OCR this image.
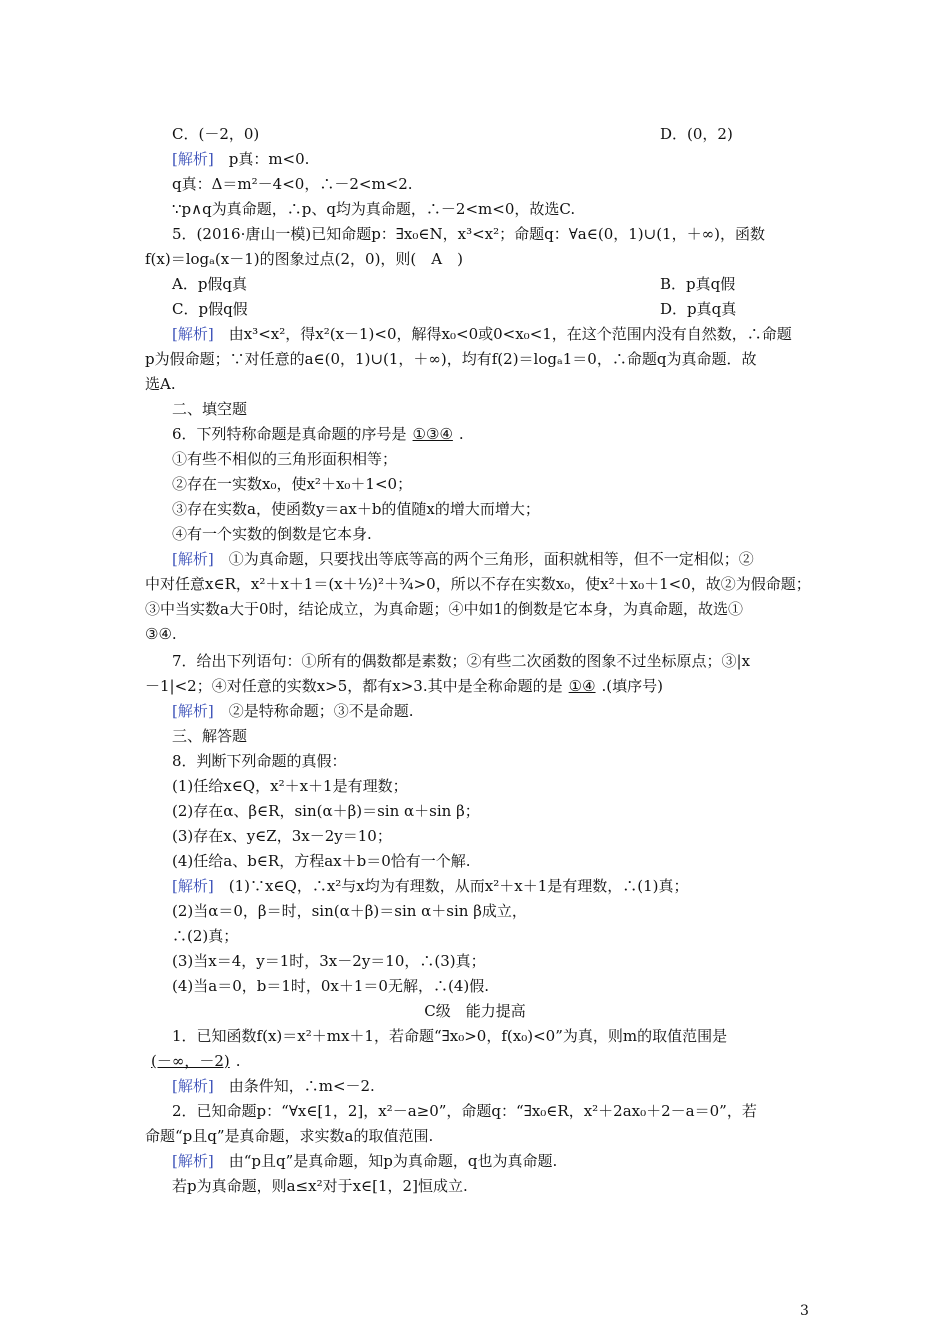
C．(－2，0)	D．(0，2)
[解析]　p真：m<0.
q真：Δ＝m²－4<0，∴－2<m<2.
∵p∧q为真命题，∴p、q均为真命题，∴－2<m<0，故选C.
5．(2016·唐山一模)已知命题p：∃x₀∈N，x³<x²；命题q：∀a∈(0，1)∪(1，＋∞)，函数
f(x)＝logₐ(x－1)的图象过点(2，0)，则(　A　)
A．p假q真	B．p真q假
C．p假q假	D．p真q真
[解析]　由x³<x²，得x²(x－1)<0，解得x₀<0或0<x₀<1，在这个范围内没有自然数，∴命题
p为假命题；∵对任意的a∈(0，1)∪(1，＋∞)，均有f(2)＝logₐ1＝0，∴命题q为真命题．故
选A.
二、填空题
6．下列特称命题是真命题的序号是 ①③④ .
①有些不相似的三角形面积相等；
②存在一实数x₀，使x²＋x₀＋1<0；
③存在实数a，使函数y＝ax＋b的值随x的增大而增大；
④有一个实数的倒数是它本身.
[解析]　①为真命题，只要找出等底等高的两个三角形，面积就相等，但不一定相似；②
中对任意x∈R，x²＋x＋1＝(x＋½)²＋¾>0，所以不存在实数x₀，使x²＋x₀＋1<0，故②为假命题；
③中当实数a大于0时，结论成立，为真命题；④中如1的倒数是它本身，为真命题，故选①
③④.
7．给出下列语句：①所有的偶数都是素数；②有些二次函数的图象不过坐标原点；③|x
－1|<2；④对任意的实数x>5，都有x>3.其中是全称命题的是 ①④ .(填序号)
[解析]　②是特称命题；③不是命题.
三、解答题
8．判断下列命题的真假：
(1)任给x∈Q，x²＋x＋1是有理数；
(2)存在α、β∈R，sin(α＋β)＝sin α＋sin β；
(3)存在x、y∈Z，3x－2y＝10；
(4)任给a、b∈R，方程ax＋b＝0恰有一个解.
[解析]　(1)∵x∈Q，∴x²与x均为有理数，从而x²＋x＋1是有理数，∴(1)真；
(2)当α＝0，β＝时，sin(α＋β)＝sin α＋sin β成立，
∴(2)真；
(3)当x＝4，y＝1时，3x－2y＝10，∴(3)真；
(4)当a＝0，b＝1时，0x＋1＝0无解，∴(4)假.
C级　能力提高
1．已知函数f(x)＝x²＋mx＋1，若命题“∃x₀>0，f(x₀)<0”为真，则m的取值范围是
(－∞，－2) .
[解析]　由条件知，∴m<－2.
2．已知命题p：“∀x∈[1，2]，x²－a≥0”，命题q：“∃x₀∈R，x²＋2ax₀＋2－a＝0”，若
命题“p且q”是真命题，求实数a的取值范围.
[解析]　由“p且q”是真命题，知p为真命题，q也为真命题.
若p为真命题，则a≤x²对于x∈[1，2]恒成立.
3
